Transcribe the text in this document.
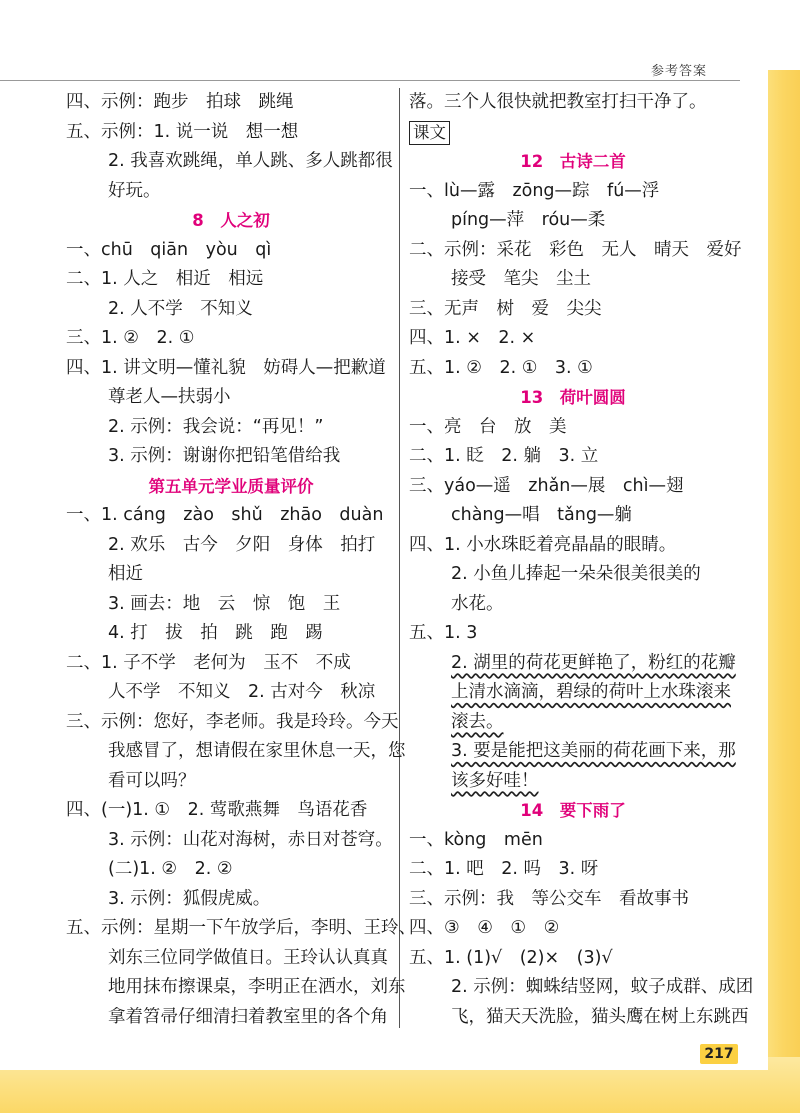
参考答案
四、示例：跑步　拍球　跳绳
五、示例：1. 说一说　想一想
2. 我喜欢跳绳，单人跳、多人跳都很
好玩。
8　人之初
一、chū　qiān　yòu　qì
二、1. 人之　相近　相远
2. 人不学　不知义
三、1. ②　2. ①
四、1. 讲文明—懂礼貌　妨碍人—把歉道
尊老人—扶弱小
2. 示例：我会说：“再见！”
3. 示例：谢谢你把铅笔借给我
第五单元学业质量评价
一、1. cáng　zào　shǔ　zhāo　duàn
2. 欢乐　古今　夕阳　身体　拍打
相近
3. 画去：地　云　惊　饱　王
4. 打　拔　拍　跳　跑　踢
二、1. 子不学　老何为　玉不　不成
人不学　不知义　2. 古对今　秋凉
三、示例：您好，李老师。我是玲玲。今天
我感冒了，想请假在家里休息一天，您
看可以吗？
四、(一)1. ①　2. 莺歌燕舞　鸟语花香
3. 示例：山花对海树，赤日对苍穹。
(二)1. ②　2. ②
3. 示例：狐假虎威。
五、示例：星期一下午放学后，李明、王玲、
刘东三位同学做值日。王玲认认真真
地用抹布擦课桌，李明正在洒水，刘东
拿着笤帚仔细清扫着教室里的各个角
落。三个人很快就把教室打扫干净了。
课文
12　古诗二首
一、lù—露　zōng—踪　fú—浮
píng—萍　róu—柔
二、示例：采花　彩色　无人　晴天　爱好
接受　笔尖　尘土
三、无声　树　爱　尖尖
四、1. ×　2. ×
五、1. ②　2. ①　3. ①
13　荷叶圆圆
一、亮　台　放　美
二、1. 眨　2. 躺　3. 立
三、yáo—遥　zhǎn—展　chì—翅
chàng—唱　tǎng—躺
四、1. 小水珠眨着亮晶晶的眼睛。
2. 小鱼儿捧起一朵朵很美很美的
水花。
五、1. 3
2. 湖里的荷花更鲜艳了，粉红的花瓣
上清水滴滴，碧绿的荷叶上水珠滚来
滚去。
3. 要是能把这美丽的荷花画下来，那
该多好哇！
14　要下雨了
一、kòng　mēn
二、1. 吧　2. 吗　3. 呀
三、示例：我　等公交车　看故事书
四、③　④　①　②
五、1. (1)√　(2)×　(3)√
2. 示例：蜘蛛结竖网，蚊子成群、成团
飞，猫天天洗脸，猫头鹰在树上东跳西
217
